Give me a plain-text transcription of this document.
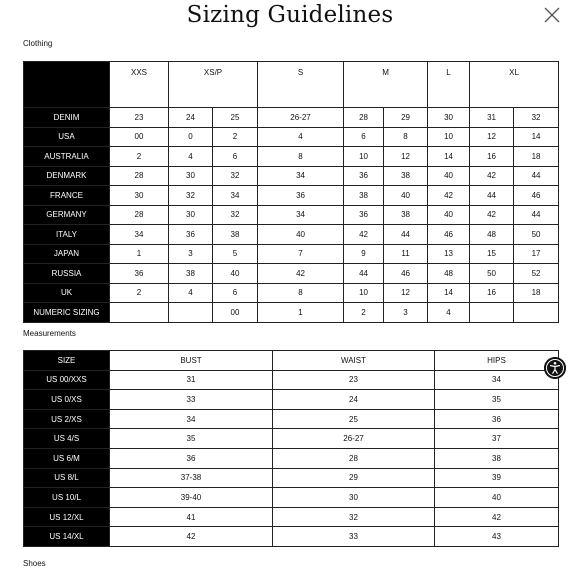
Sizing Guidelines
Clothing
	XXS	XS/P		S	M		L	XL	
DENIM	23	24	25	26-27	28	29	30	31	32
USA	00	0	2	4	6	8	10	12	14
AUSTRALIA	2	4	6	8	10	12	14	16	18
DENMARK	28	30	32	34	36	38	40	42	44
FRANCE	30	32	34	36	38	40	42	44	46
GERMANY	28	30	32	34	36	38	40	42	44
ITALY	34	36	38	40	42	44	46	48	50
JAPAN	1	3	5	7	9	11	13	15	17
RUSSIA	36	38	40	42	44	46	48	50	52
UK	2	4	6	8	10	12	14	16	18
NUMERIC SIZING			00	1	2	3	4		
Measurements
SIZE	BUST	WAIST	HIPS
US 00/XXS	31	23	34
US 0/XS	33	24	35
US 2/XS	34	25	36
US 4/S	35	26-27	37
US 6/M	36	28	38
US 8/L	37-38	29	39
US 10/L	39-40	30	40
US 12/XL	41	32	42
US 14/XL	42	33	43
Shoes
